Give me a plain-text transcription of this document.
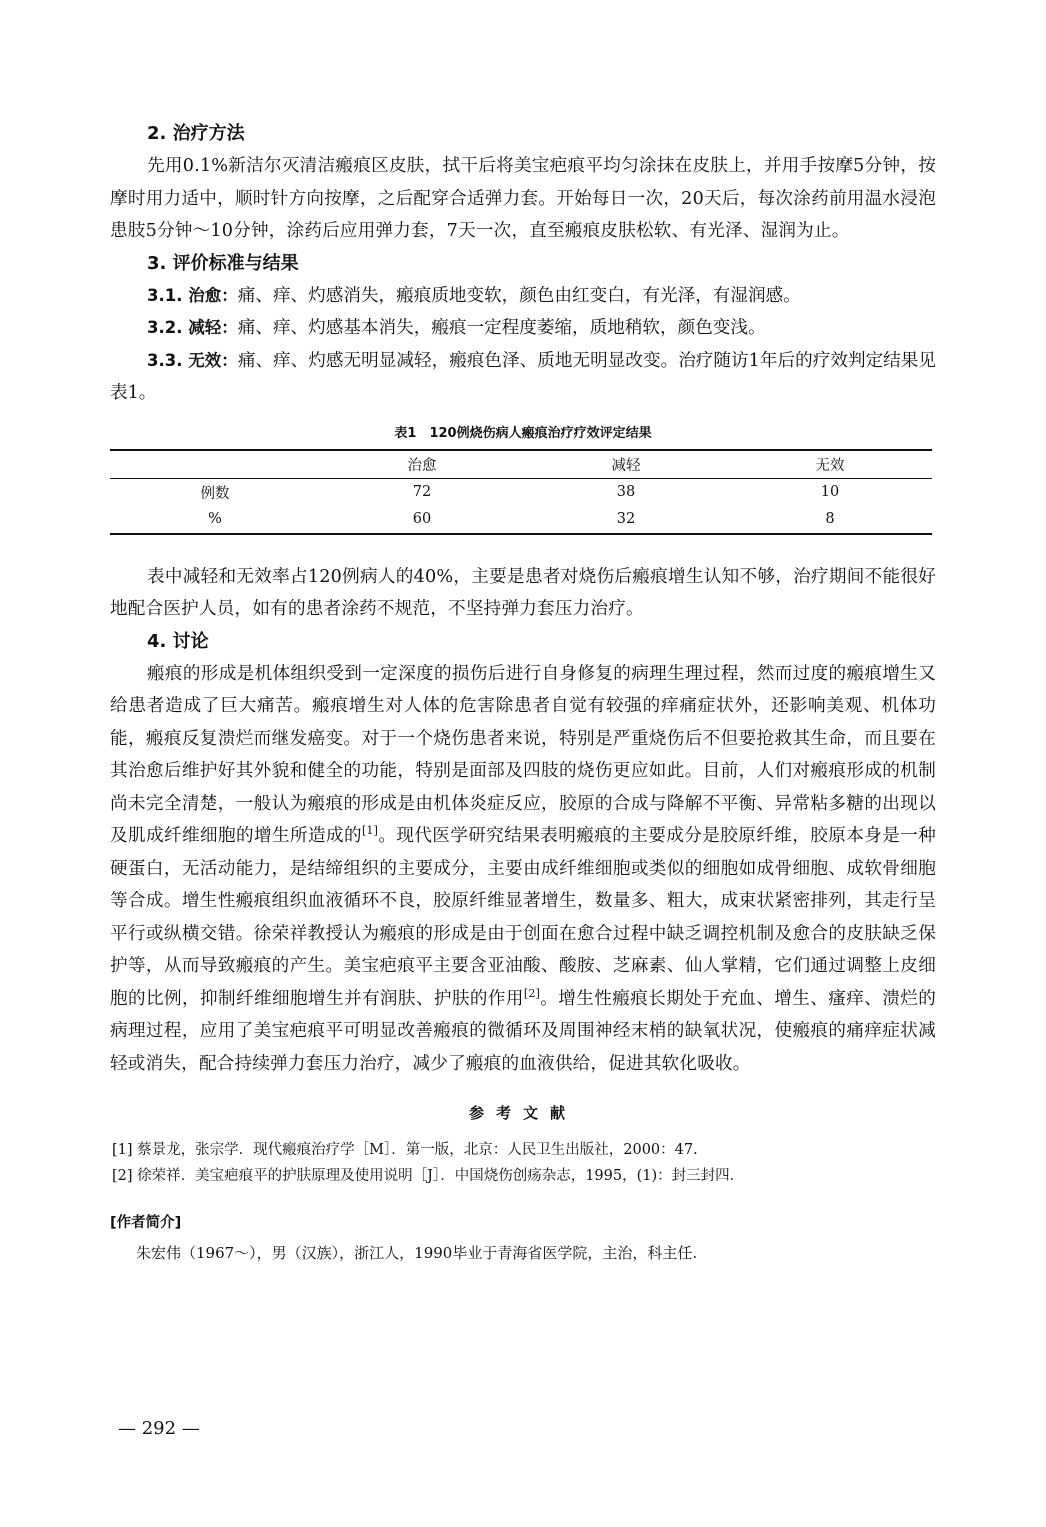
2. 治疗方法

先用0.1%新洁尔灭清洁瘢痕区皮肤，拭干后将美宝疤痕平均匀涂抹在皮肤上，并用手按摩5分钟，按摩时用力适中，顺时针方向按摩，之后配穿合适弹力套。开始每日一次，20天后，每次涂药前用温水浸泡患肢5分钟～10分钟，涂药后应用弹力套，7天一次，直至瘢痕皮肤松软、有光泽、湿润为止。

3. 评价标准与结果

3.1. 治愈：痛、痒、灼感消失，瘢痕质地变软，颜色由红变白，有光泽，有湿润感。

3.2. 减轻：痛、痒、灼感基本消失，瘢痕一定程度萎缩，质地稍软，颜色变浅。

3.3. 无效：痛、痒、灼感无明显减轻，瘢痕色泽、质地无明显改变。治疗随访1年后的疗效判定结果见表1。

表1　120例烧伤病人瘢痕治疗疗效评定结果
	治愈	减轻	无效
例数	72	38	10
%	60	32	8

表中减轻和无效率占120例病人的40%，主要是患者对烧伤后瘢痕增生认知不够，治疗期间不能很好地配合医护人员，如有的患者涂药不规范，不坚持弹力套压力治疗。

4. 讨论

瘢痕的形成是机体组织受到一定深度的损伤后进行自身修复的病理生理过程，然而过度的瘢痕增生又给患者造成了巨大痛苦。瘢痕增生对人体的危害除患者自觉有较强的痒痛症状外，还影响美观、机体功能，瘢痕反复溃烂而继发癌变。对于一个烧伤患者来说，特别是严重烧伤后不但要抢救其生命，而且要在其治愈后维护好其外貌和健全的功能，特别是面部及四肢的烧伤更应如此。目前，人们对瘢痕形成的机制尚未完全清楚，一般认为瘢痕的形成是由机体炎症反应，胶原的合成与降解不平衡、异常粘多糖的出现以及肌成纤维细胞的增生所造成的[1]。现代医学研究结果表明瘢痕的主要成分是胶原纤维，胶原本身是一种硬蛋白，无活动能力，是结缔组织的主要成分，主要由成纤维细胞或类似的细胞如成骨细胞、成软骨细胞等合成。增生性瘢痕组织血液循环不良，胶原纤维显著增生，数量多、粗大，成束状紧密排列，其走行呈平行或纵横交错。徐荣祥教授认为瘢痕的形成是由于创面在愈合过程中缺乏调控机制及愈合的皮肤缺乏保护等，从而导致瘢痕的产生。美宝疤痕平主要含亚油酸、酸胺、芝麻素、仙人掌精，它们通过调整上皮细胞的比例，抑制纤维细胞增生并有润肤、护肤的作用[2]。增生性瘢痕长期处于充血、增生、瘙痒、溃烂的病理过程，应用了美宝疤痕平可明显改善瘢痕的微循环及周围神经末梢的缺氧状况，使瘢痕的痛痒症状减轻或消失，配合持续弹力套压力治疗，减少了瘢痕的血液供给，促进其软化吸收。

参考文献

[1] 蔡景龙，张宗学．现代瘢痕治疗学［M］．第一版，北京：人民卫生出版社，2000：47.

[2] 徐荣祥．美宝疤痕平的护肤原理及使用说明［J］．中国烧伤创疡杂志，1995，(1)：封三封四．

[作者简介]

朱宏伟（1967～），男（汉族），浙江人，1990毕业于青海省医学院，主治，科主任.

— 292 —
